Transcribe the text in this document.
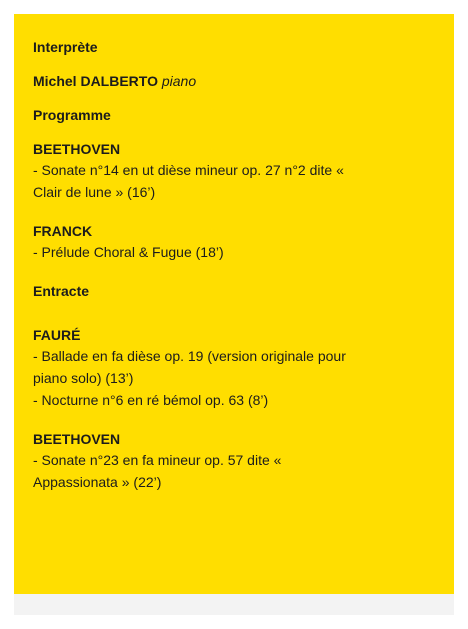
Interprète

Michel DALBERTO piano

Programme

BEETHOVEN

- Sonate n°14 en ut dièse mineur op. 27 n°2 dite «

Clair de lune » (16’)

FRANCK

- Prélude Choral & Fugue (18’)

Entracte

FAURÉ

- Ballade en fa dièse op. 19 (version originale pour

piano solo) (13’)

- Nocturne n°6 en ré bémol op. 63 (8’)

BEETHOVEN

- Sonate n°23 en fa mineur op. 57 dite «

Appassionata » (22’)
